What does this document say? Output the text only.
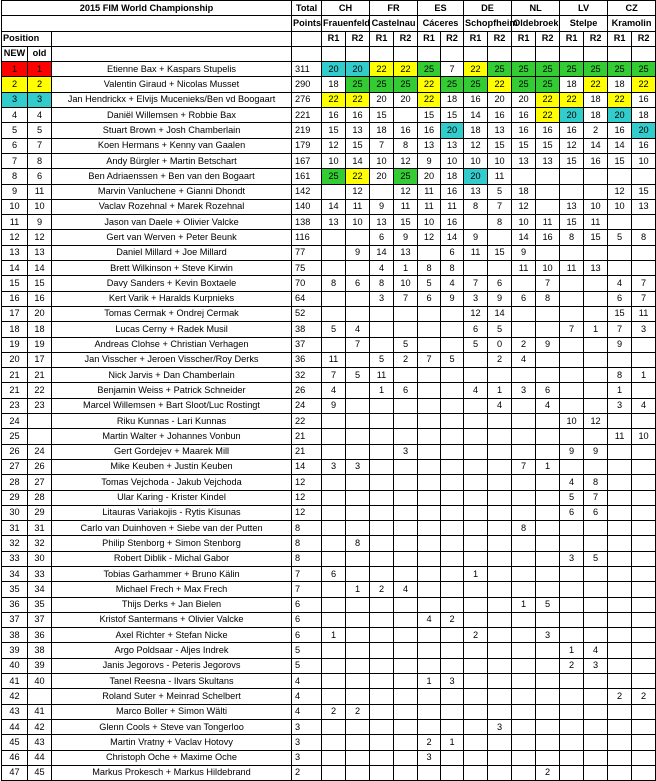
2015 FIM World Championship			Total	CH		FR		ES		DE		NL		LV		CZ	
			Points	Frauenfeld		Castelnau		Cáceres		Schopfheim		Oldebroek		Stelpe		Kramolin	
Position				R1	R2	R1	R2	R1	R2	R1	R2	R1	R2	R1	R2	R1	R2
NEW	old																
1	1	Etienne Bax + Kaspars Stupelis	311	20	20	22	22	25	7	22	25	25	25	25	25	25	25
2	2	Valentin Giraud + Nicolas Musset	290	18	25	25	25	22	25	25	22	25	25	18	22	18	22
3	3	Jan Hendrickx + Elvijs Mucenieks/Ben vd Boogaart	276	22	22	20	20	22	18	16	20	20	22	22	18	22	16
4	4	Daniël Willemsen + Robbie Bax	221	16	16	15		15	15	14	16	16	22	20	18	20	18
5	5	Stuart Brown + Josh Chamberlain	219	15	13	18	16	16	20	18	13	16	16	16	2	16	20
6	7	Koen Hermans + Kenny van Gaalen	179	12	15	7	8	13	13	12	15	15	15	12	14	14	16
7	8	Andy Bürgler + Martin Betschart	167	10	14	10	12	9	10	10	10	13	13	15	16	15	10
8	6	Ben Adriaenssen + Ben van den Bogaart	161	25	22	20	25	20	18	20	11						
9	11	Marvin Vanluchene + Gianni Dhondt	142		12		12	11	16	13	5	18				12	15
10	10	Vaclav Rozehnal + Marek Rozehnal	140	14	11	9	11	11	11	8	7	12		13	10	10	13
11	9	Jason van Daele + Olivier Valcke	138	13	10	13	15	10	16		8	10	11	15	11		
12	12	Gert van Werven + Peter Beunk	116			6	9	12	14	9		14	16	8	15	5	8
13	13	Daniel Millard + Joe Millard	77		9	14	13		6	11	15	9					
14	14	Brett Wilkinson + Steve Kirwin	75			4	1	8	8			11	10	11	13		
15	15	Davy Sanders + Kevin Boxtaele	70	8	6	8	10	5	4	7	6		7			4	7
16	16	Kert Varik + Haralds Kurpnieks	64			3	7	6	9	3	9	6	8			6	7
17	20	Tomas Cermak + Ondrej Cermak	52							12	14					15	11
18	18	Lucas Cerny + Radek Musil	38	5	4					6	5			7	1	7	3
19	19	Andreas Clohse + Christian Verhagen	37		7		5			5	0	2	9			9	
20	17	Jan Visscher + Jeroen Visscher/Roy Derks	36	11		5	2	7	5		2	4					
21	21	Nick Jarvis + Dan Chamberlain	32	7	5	11										8	1
21	22	Benjamin Weiss + Patrick Schneider	26	4		1	6			4	1	3	6			1	
23	23	Marcel Willemsen + Bart Sloot/Luc Rostingt	24	9							4		4			3	4
24		Riku Kunnas - Lari Kunnas	22											10	12		
25		Martin Walter + Johannes Vonbun	21													11	10
26	24	Gert Gordejev + Maarek Mill	21				3							9	9		
27	26	Mike Keuben + Justin Keuben	14	3	3							7	1				
28	27	Tomas Vejchoda - Jakub Vejchoda	12											4	8		
29	28	Ular Karing - Krister Kindel	12											5	7		
30	29	Litauras Variakojis - Rytis Kisunas	12											6	6		
31	31	Carlo van Duinhoven + Siebe van der Putten	8									8					
32	32	Philip Stenborg + Simon Stenborg	8		8												
33	30	Robert Diblik - Michal Gabor	8											3	5		
34	33	Tobias Garhammer + Bruno Kälin	7	6						1							
35	34	Michael Frech + Max Frech	7		1	2	4										
36	35	Thijs Derks + Jan Bielen	6									1	5				
37	37	Kristof Santermans + Olivier Valcke	6					4	2								
38	36	Axel Richter + Stefan Nicke	6	1						2			3				
39	38	Argo Poldsaar - Aljes Indrek	5											1	4		
40	39	Janis Jegorovs - Peteris Jegorovs	5											2	3		
41	40	Tanel Reesna - Ilvars Skultans	4					1	3								
42		Roland Suter + Meinrad Schelbert	4													2	2
43	41	Marco Boller + Simon Wälti	4	2	2												
44	42	Glenn Cools + Steve van Tongerloo	3								3						
45	43	Martin Vratny + Vaclav Hotovy	3					2	1								
46	44	Christoph Oche + Maxime Oche	3					3									
47	45	Markus Prokesch + Markus Hildebrand	2										2				
